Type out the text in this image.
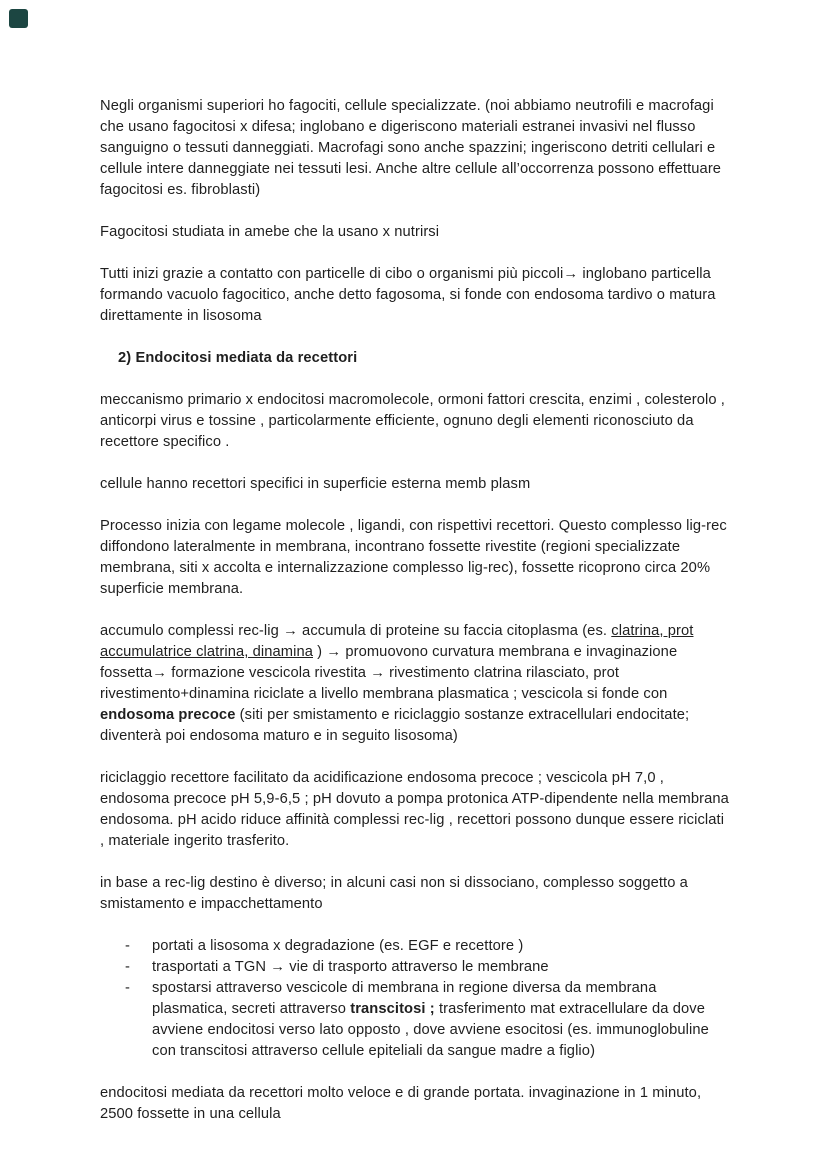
Negli organismi superiori ho fagociti, cellule specializzate. (noi abbiamo neutrofili e macrofagi che usano fagocitosi x difesa; inglobano e digeriscono materiali estranei invasivi nel flusso sanguigno o tessuti danneggiati. Macrofagi sono anche spazzini; ingeriscono detriti cellulari e cellule intere danneggiate nei tessuti lesi. Anche altre cellule all’occorrenza possono effettuare fagocitosi es. fibroblasti)

Fagocitosi studiata in amebe che la usano x nutrirsi

Tutti inizi grazie a contatto con particelle di cibo o organismi più piccoli→ inglobano particella formando vacuolo fagocitico, anche detto fagosoma, si fonde con endosoma tardivo o matura direttamente in lisosoma

2) Endocitosi mediata da recettori

meccanismo primario x endocitosi macromolecole, ormoni fattori crescita, enzimi , colesterolo , anticorpi virus e tossine , particolarmente efficiente, ognuno degli elementi riconosciuto da recettore specifico .

cellule hanno recettori specifici in superficie esterna memb plasm

Processo inizia con legame molecole , ligandi, con rispettivi recettori. Questo complesso lig-rec diffondono lateralmente in membrana, incontrano fossette rivestite (regioni specializzate membrana, siti x accolta e internalizzazione complesso lig-rec), fossette ricoprono circa 20% superficie membrana.

accumulo complessi rec-lig → accumula di proteine su faccia citoplasma (es. clatrina, prot accumulatrice clatrina, dinamina ) → promuovono curvatura membrana e invaginazione fossetta→ formazione vescicola rivestita → rivestimento clatrina rilasciato, prot rivestimento+dinamina riciclate a livello membrana plasmatica ; vescicola si fonde con endosoma precoce (siti per smistamento e riciclaggio sostanze extracellulari endocitate; diventerà poi endosoma maturo e in seguito lisosoma)

riciclaggio recettore facilitato da acidificazione endosoma precoce ; vescicola pH 7,0 , endosoma precoce pH 5,9-6,5 ; pH dovuto a pompa protonica ATP-dipendente nella membrana endosoma. pH acido riduce affinità complessi rec-lig , recettori possono dunque essere riciclati , materiale ingerito trasferito.

in base a rec-lig destino è diverso; in alcuni casi non si dissociano, complesso soggetto a smistamento e impacchettamento

-	portati a lisosoma x degradazione (es. EGF e recettore )
-	trasportati a TGN → vie di trasporto attraverso le membrane
-	spostarsi attraverso vescicole di membrana in regione diversa da membrana plasmatica, secreti attraverso transcitosi ; trasferimento mat extracellulare da dove avviene endocitosi verso lato opposto , dove avviene esocitosi (es. immunoglobuline con transcitosi attraverso cellule epiteliali da sangue madre a figlio)

endocitosi mediata da recettori molto veloce e di grande portata. invaginazione in 1 minuto, 2500 fossette in una cellula
